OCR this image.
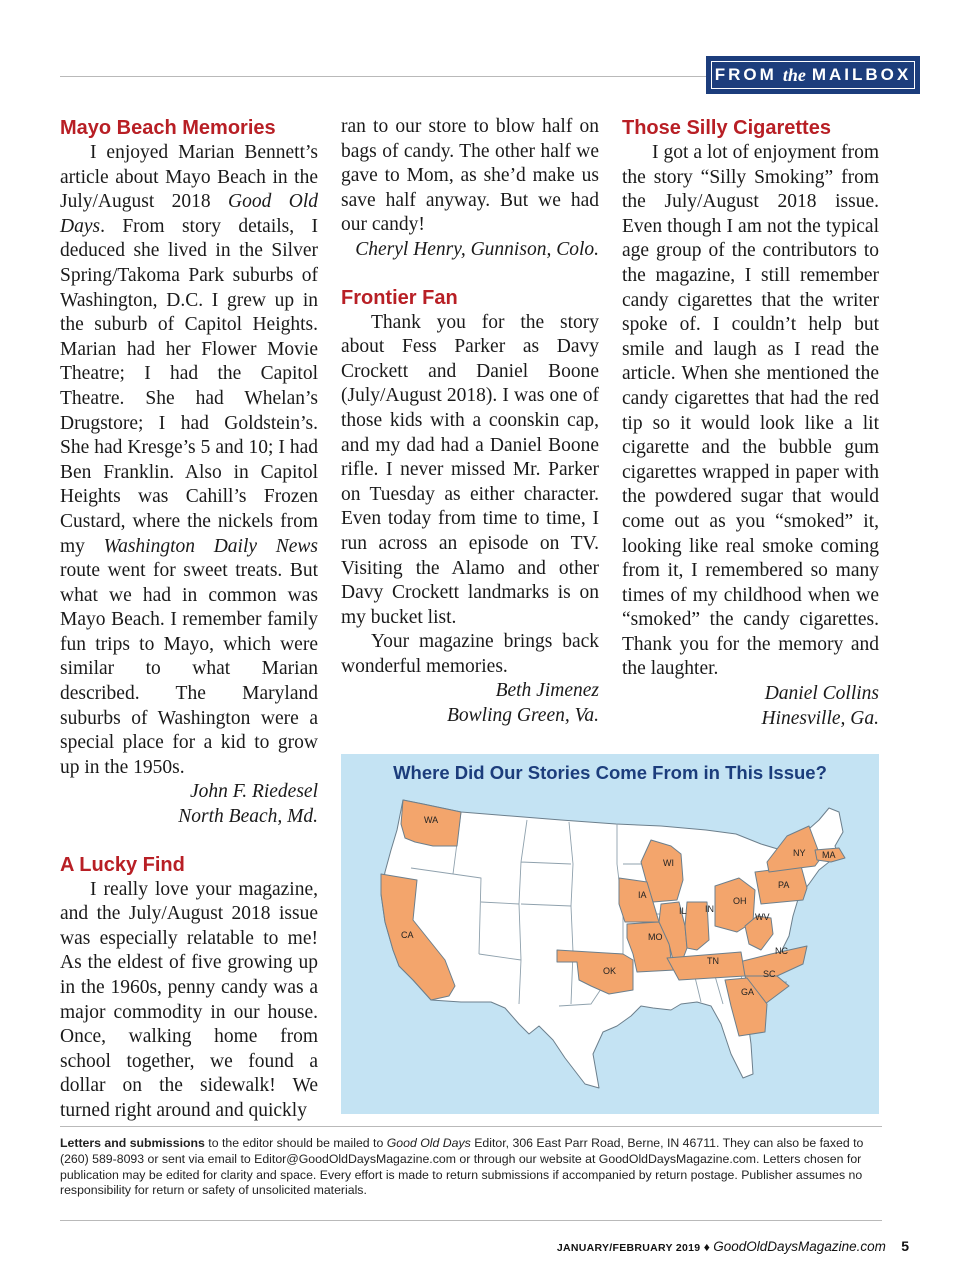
FROM the MAILBOX
Mayo Beach Memories

I enjoyed Marian Bennett’s article about Mayo Beach in the July/August 2018 Good Old Days. From story details, I deduced she lived in the Silver Spring/Takoma Park suburbs of Washington, D.C. I grew up in the suburb of Capitol Heights. Marian had her Flower Movie Theatre; I had the Capitol Theatre. She had Whelan’s Drugstore; I had Goldstein’s. She had Kresge’s 5 and 10; I had Ben Franklin. Also in Capitol Heights was Cahill’s Frozen Custard, where the nickels from my Washington Daily News route went for sweet treats. But what we had in common was Mayo Beach. I remember family fun trips to Mayo, which were similar to what Marian described. The Maryland suburbs of Washington were a special place for a kid to grow up in the 1950s.

John F. Riedesel

North Beach, Md.

A Lucky Find

I really love your magazine, and the July/August 2018 issue was especially relatable to me! As the eldest of five growing up in the 1960s, penny candy was a major commodity in our house. Once, walking home from school together, we found a dollar on the sidewalk! We turned right around and quickly

ran to our store to blow half on bags of candy. The other half we gave to Mom, as she’d make us save half anyway. But we had our candy!

Cheryl Henry, Gunnison, Colo.

Frontier Fan

Thank you for the story about Fess Parker as Davy Crockett and Daniel Boone (July/August 2018). I was one of those kids with a coonskin cap, and my dad had a Daniel Boone rifle. I never missed Mr. Parker on Tuesday as either character. Even today from time to time, I run across an episode on TV. Visiting the Alamo and other Davy Crockett landmarks is on my bucket list.

Your magazine brings back wonderful memories.

Beth Jimenez

Bowling Green, Va.

Those Silly Cigarettes

I got a lot of enjoyment from the story “Silly Smoking” from the July/August 2018 issue. Even though I am not the typical age group of the contributors to the magazine, I still remember candy cigarettes that the writer spoke of. I couldn’t help but smile and laugh as I read the article. When she mentioned the candy cigarettes that had the red tip so it would look like a lit cigarette and the bubble gum cigarettes wrapped in paper with the powdered sugar that would come out as you “smoked” it, looking like real smoke coming from it, I remembered so many times of my childhood when we “smoked” the candy cigarettes. Thank you for the memory and the laughter.

Daniel Collins

Hinesville, Ga.

Where Did Our Stories Come From in This Issue?
WA
CA
WI
IA
MO
IL IN
OH
WV
PA
NY MA
NC
TN
SC
GA
OK
Letters and submissions to the editor should be mailed to Good Old Days Editor, 306 East Parr Road, Berne, IN 46711. They can also be faxed to (260) 589-8093 or sent via email to Editor@GoodOldDaysMagazine.com or through our website at GoodOldDaysMagazine.com. Letters chosen for publication may be edited for clarity and space. Every effort is made to return submissions if accompanied by return postage. Publisher assumes no responsibility for return or safety of unsolicited materials.
JANUARY/FEBRUARY 2019 ♦ GoodOldDaysMagazine.com 5
